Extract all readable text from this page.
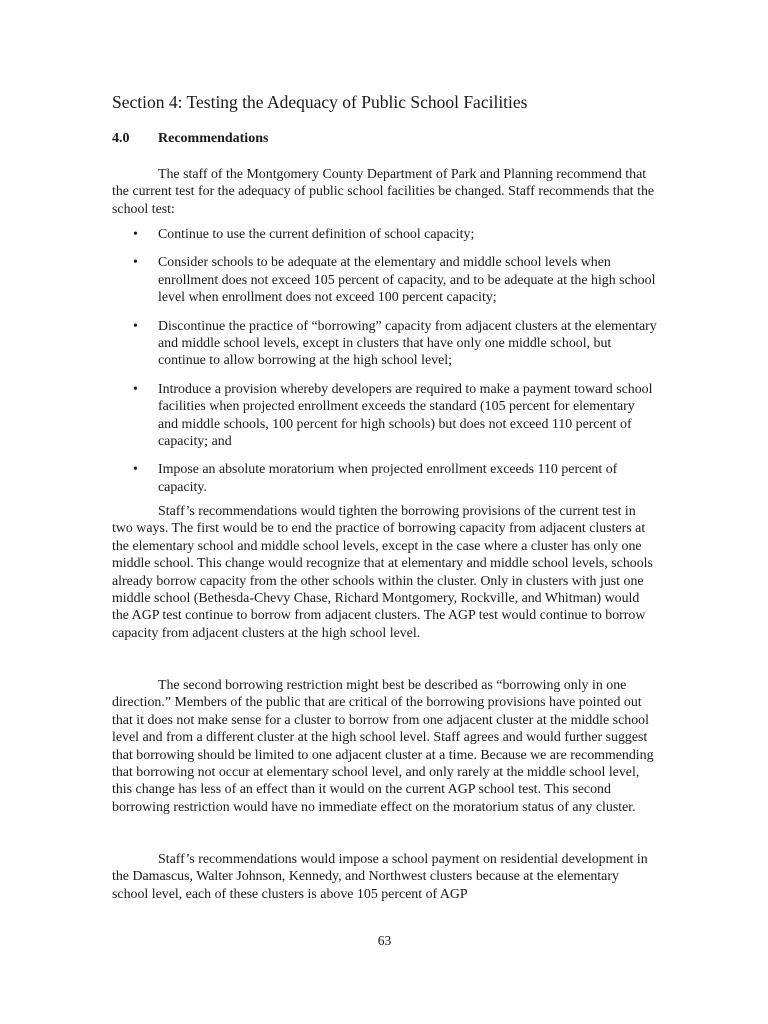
Section 4: Testing the Adequacy of Public School Facilities
4.0 Recommendations

The staff of the Montgomery County Department of Park and Planning recommend that the current test for the adequacy of public school facilities be changed. Staff recommends that the school test:

• Continue to use the current definition of school capacity;
• Consider schools to be adequate at the elementary and middle school levels when enrollment does not exceed 105 percent of capacity, and to be adequate at the high school level when enrollment does not exceed 100 percent capacity;
• Discontinue the practice of “borrowing” capacity from adjacent clusters at the elementary and middle school levels, except in clusters that have only one middle school, but continue to allow borrowing at the high school level;
• Introduce a provision whereby developers are required to make a payment toward school facilities when projected enrollment exceeds the standard (105 percent for elementary and middle schools, 100 percent for high schools) but does not exceed 110 percent of capacity; and
• Impose an absolute moratorium when projected enrollment exceeds 110 percent of capacity.

Staff’s recommendations would tighten the borrowing provisions of the current test in two ways. The first would be to end the practice of borrowing capacity from adjacent clusters at the elementary school and middle school levels, except in the case where a cluster has only one middle school. This change would recognize that at elementary and middle school levels, schools already borrow capacity from the other schools within the cluster. Only in clusters with just one middle school (Bethesda-Chevy Chase, Richard Montgomery, Rockville, and Whitman) would the AGP test continue to borrow from adjacent clusters. The AGP test would continue to borrow capacity from adjacent clusters at the high school level.

The second borrowing restriction might best be described as “borrowing only in one direction.” Members of the public that are critical of the borrowing provisions have pointed out that it does not make sense for a cluster to borrow from one adjacent cluster at the middle school level and from a different cluster at the high school level. Staff agrees and would further suggest that borrowing should be limited to one adjacent cluster at a time. Because we are recommending that borrowing not occur at elementary school level, and only rarely at the middle school level, this change has less of an effect than it would on the current AGP school test. This second borrowing restriction would have no immediate effect on the moratorium status of any cluster.

Staff’s recommendations would impose a school payment on residential development in the Damascus, Walter Johnson, Kennedy, and Northwest clusters because at the elementary school level, each of these clusters is above 105 percent of AGP

63
